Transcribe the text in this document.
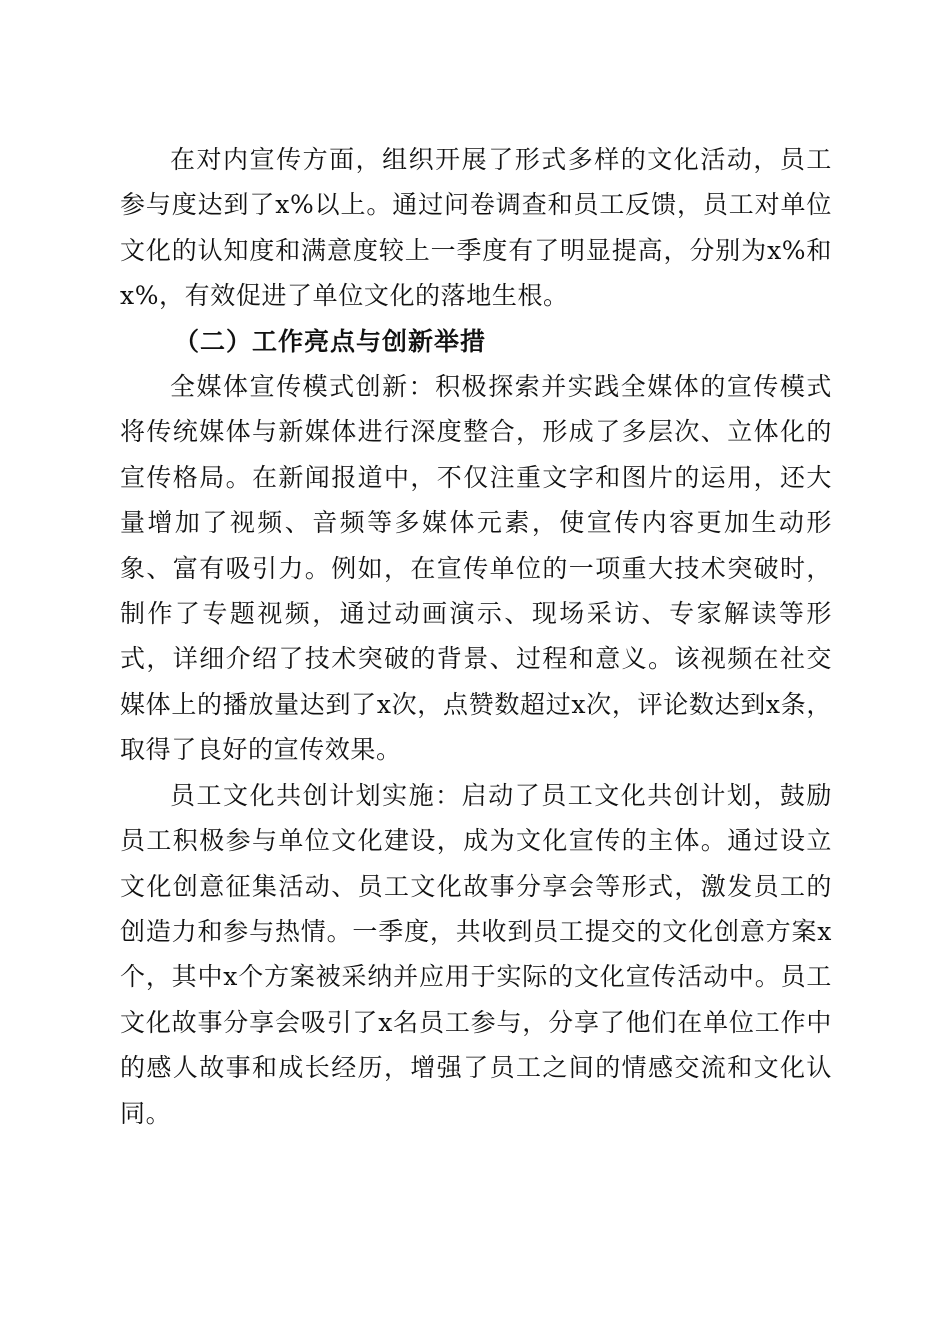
在对内宣传方面，组织开展了形式多样的文化活动，员工参与度达到了x%以上。通过问卷调查和员工反馈，员工对单位文化的认知度和满意度较上一季度有了明显提高，分别为x%和x%，有效促进了单位文化的落地生根。

（二）工作亮点与创新举措

全媒体宣传模式创新：积极探索并实践全媒体的宣传模式将传统媒体与新媒体进行深度整合，形成了多层次、立体化的宣传格局。在新闻报道中，不仅注重文字和图片的运用，还大量增加了视频、音频等多媒体元素，使宣传内容更加生动形象、富有吸引力。例如，在宣传单位的一项重大技术突破时，制作了专题视频，通过动画演示、现场采访、专家解读等形式，详细介绍了技术突破的背景、过程和意义。该视频在社交媒体上的播放量达到了x次，点赞数超过x次，评论数达到x条，取得了良好的宣传效果。

员工文化共创计划实施：启动了员工文化共创计划，鼓励员工积极参与单位文化建设，成为文化宣传的主体。通过设立文化创意征集活动、员工文化故事分享会等形式，激发员工的创造力和参与热情。一季度，共收到员工提交的文化创意方案x个，其中x个方案被采纳并应用于实际的文化宣传活动中。员工文化故事分享会吸引了x名员工参与，分享了他们在单位工作中的感人故事和成长经历，增强了员工之间的情感交流和文化认同。
